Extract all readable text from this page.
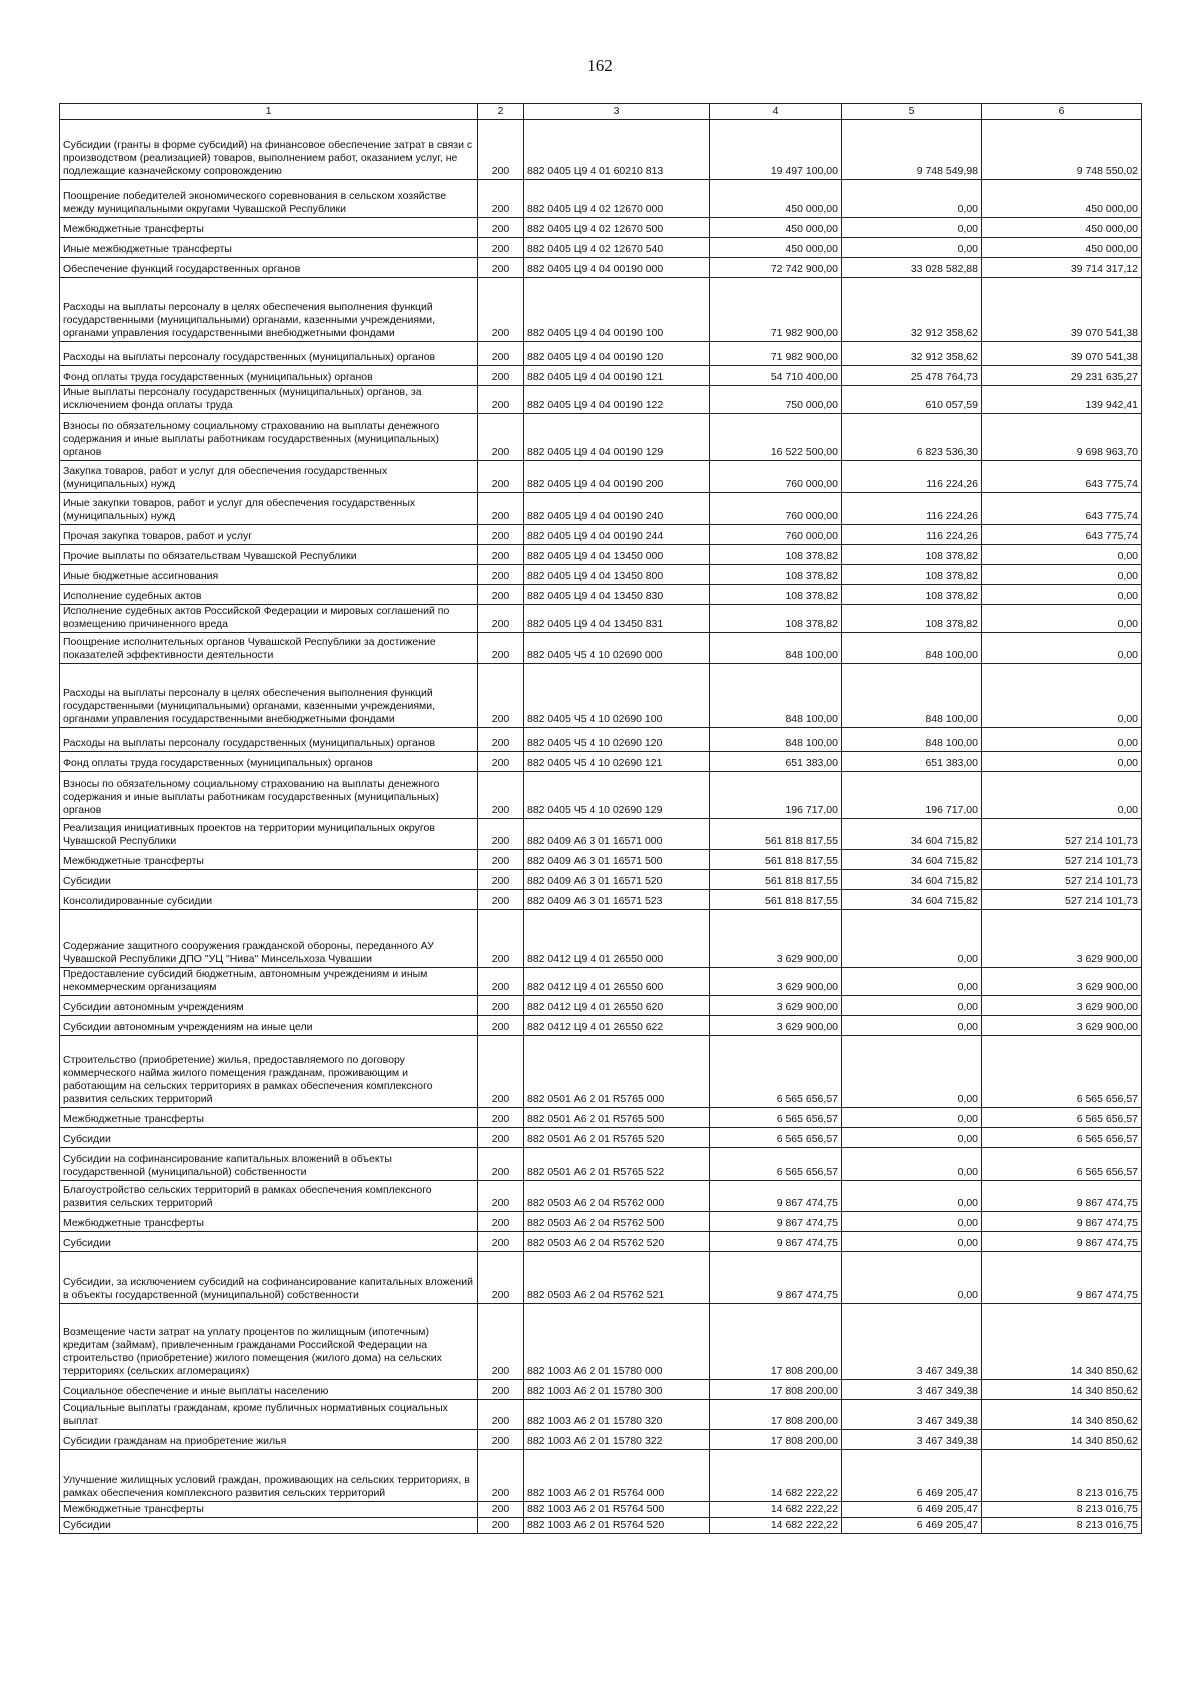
162
1	2	3	4	5	6
Субсидии (гранты в форме субсидий) на финансовое обеспечение затрат в связи с производством (реализацией) товаров, выполнением работ, оказанием услуг, не подлежащие казначейскому сопровождению	200	882 0405 Ц9 4 01 60210 813	19 497 100,00	9 748 549,98	9 748 550,02
Поощрение победителей экономического соревнования в сельском хозяйстве между муниципальными округами Чувашской Республики	200	882 0405 Ц9 4 02 12670 000	450 000,00	0,00	450 000,00
Межбюджетные трансферты	200	882 0405 Ц9 4 02 12670 500	450 000,00	0,00	450 000,00
Иные межбюджетные трансферты	200	882 0405 Ц9 4 02 12670 540	450 000,00	0,00	450 000,00
Обеспечение функций государственных органов	200	882 0405 Ц9 4 04 00190 000	72 742 900,00	33 028 582,88	39 714 317,12
Расходы на выплаты персоналу в целях обеспечения выполнения функций государственными (муниципальными) органами, казенными учреждениями, органами управления государственными внебюджетными фондами	200	882 0405 Ц9 4 04 00190 100	71 982 900,00	32 912 358,62	39 070 541,38
Расходы на выплаты персоналу государственных (муниципальных) органов	200	882 0405 Ц9 4 04 00190 120	71 982 900,00	32 912 358,62	39 070 541,38
Фонд оплаты труда государственных (муниципальных) органов	200	882 0405 Ц9 4 04 00190 121	54 710 400,00	25 478 764,73	29 231 635,27
Иные выплаты персоналу государственных (муниципальных) органов, за исключением фонда оплаты труда	200	882 0405 Ц9 4 04 00190 122	750 000,00	610 057,59	139 942,41
Взносы по обязательному социальному страхованию на выплаты денежного содержания и иные выплаты работникам государственных (муниципальных) органов	200	882 0405 Ц9 4 04 00190 129	16 522 500,00	6 823 536,30	9 698 963,70
Закупка товаров, работ и услуг для обеспечения государственных (муниципальных) нужд	200	882 0405 Ц9 4 04 00190 200	760 000,00	116 224,26	643 775,74
Иные закупки товаров, работ и услуг для обеспечения государственных (муниципальных) нужд	200	882 0405 Ц9 4 04 00190 240	760 000,00	116 224,26	643 775,74
Прочая закупка товаров, работ и услуг	200	882 0405 Ц9 4 04 00190 244	760 000,00	116 224,26	643 775,74
Прочие выплаты по обязательствам Чувашской Республики	200	882 0405 Ц9 4 04 13450 000	108 378,82	108 378,82	0,00
Иные бюджетные ассигнования	200	882 0405 Ц9 4 04 13450 800	108 378,82	108 378,82	0,00
Исполнение судебных актов	200	882 0405 Ц9 4 04 13450 830	108 378,82	108 378,82	0,00
Исполнение судебных актов Российской Федерации и мировых соглашений по возмещению причиненного вреда	200	882 0405 Ц9 4 04 13450 831	108 378,82	108 378,82	0,00
Поощрение исполнительных органов Чувашской Республики за достижение показателей эффективности деятельности	200	882 0405 Ч5 4 10 02690 000	848 100,00	848 100,00	0,00
Расходы на выплаты персоналу в целях обеспечения выполнения функций государственными (муниципальными) органами, казенными учреждениями, органами управления государственными внебюджетными фондами	200	882 0405 Ч5 4 10 02690 100	848 100,00	848 100,00	0,00
Расходы на выплаты персоналу государственных (муниципальных) органов	200	882 0405 Ч5 4 10 02690 120	848 100,00	848 100,00	0,00
Фонд оплаты труда государственных (муниципальных) органов	200	882 0405 Ч5 4 10 02690 121	651 383,00	651 383,00	0,00
Взносы по обязательному социальному страхованию на выплаты денежного содержания и иные выплаты работникам государственных (муниципальных) органов	200	882 0405 Ч5 4 10 02690 129	196 717,00	196 717,00	0,00
Реализация инициативных проектов на территории муниципальных округов Чувашской Республики	200	882 0409 А6 3 01 16571 000	561 818 817,55	34 604 715,82	527 214 101,73
Межбюджетные трансферты	200	882 0409 А6 3 01 16571 500	561 818 817,55	34 604 715,82	527 214 101,73
Субсидии	200	882 0409 А6 3 01 16571 520	561 818 817,55	34 604 715,82	527 214 101,73
Консолидированные субсидии	200	882 0409 А6 3 01 16571 523	561 818 817,55	34 604 715,82	527 214 101,73
Содержание защитного сооружения гражданской обороны, переданного АУ Чувашской Республики ДПО "УЦ "Нива" Минсельхоза Чувашии	200	882 0412 Ц9 4 01 26550 000	3 629 900,00	0,00	3 629 900,00
Предоставление субсидий бюджетным, автономным учреждениям и иным некоммерческим организациям	200	882 0412 Ц9 4 01 26550 600	3 629 900,00	0,00	3 629 900,00
Субсидии автономным учреждениям	200	882 0412 Ц9 4 01 26550 620	3 629 900,00	0,00	3 629 900,00
Субсидии автономным учреждениям на иные цели	200	882 0412 Ц9 4 01 26550 622	3 629 900,00	0,00	3 629 900,00
Строительство (приобретение) жилья, предоставляемого по договору коммерческого найма жилого помещения гражданам, проживающим и работающим на сельских территориях в рамках обеспечения комплексного развития сельских территорий	200	882 0501 А6 2 01 R5765 000	6 565 656,57	0,00	6 565 656,57
Межбюджетные трансферты	200	882 0501 А6 2 01 R5765 500	6 565 656,57	0,00	6 565 656,57
Субсидии	200	882 0501 А6 2 01 R5765 520	6 565 656,57	0,00	6 565 656,57
Субсидии на софинансирование капитальных вложений в объекты государственной (муниципальной) собственности	200	882 0501 А6 2 01 R5765 522	6 565 656,57	0,00	6 565 656,57
Благоустройство сельских территорий в рамках обеспечения комплексного развития сельских территорий	200	882 0503 А6 2 04 R5762 000	9 867 474,75	0,00	9 867 474,75
Межбюджетные трансферты	200	882 0503 А6 2 04 R5762 500	9 867 474,75	0,00	9 867 474,75
Субсидии	200	882 0503 А6 2 04 R5762 520	9 867 474,75	0,00	9 867 474,75
Субсидии, за исключением субсидий на софинансирование капитальных вложений в объекты государственной (муниципальной) собственности	200	882 0503 А6 2 04 R5762 521	9 867 474,75	0,00	9 867 474,75
Возмещение части затрат на уплату процентов по жилищным (ипотечным) кредитам (займам), привлеченным гражданами Российской Федерации на строительство (приобретение) жилого помещения (жилого дома) на сельских территориях (сельских агломерациях)	200	882 1003 А6 2 01 15780 000	17 808 200,00	3 467 349,38	14 340 850,62
Социальное обеспечение и иные выплаты населению	200	882 1003 А6 2 01 15780 300	17 808 200,00	3 467 349,38	14 340 850,62
Социальные выплаты гражданам, кроме публичных нормативных социальных выплат	200	882 1003 А6 2 01 15780 320	17 808 200,00	3 467 349,38	14 340 850,62
Субсидии гражданам на приобретение жилья	200	882 1003 А6 2 01 15780 322	17 808 200,00	3 467 349,38	14 340 850,62
Улучшение жилищных условий граждан, проживающих на сельских территориях, в рамках обеспечения комплексного развития сельских территорий	200	882 1003 А6 2 01 R5764 000	14 682 222,22	6 469 205,47	8 213 016,75
Межбюджетные трансферты	200	882 1003 А6 2 01 R5764 500	14 682 222,22	6 469 205,47	8 213 016,75
Субсидии	200	882 1003 А6 2 01 R5764 520	14 682 222,22	6 469 205,47	8 213 016,75
